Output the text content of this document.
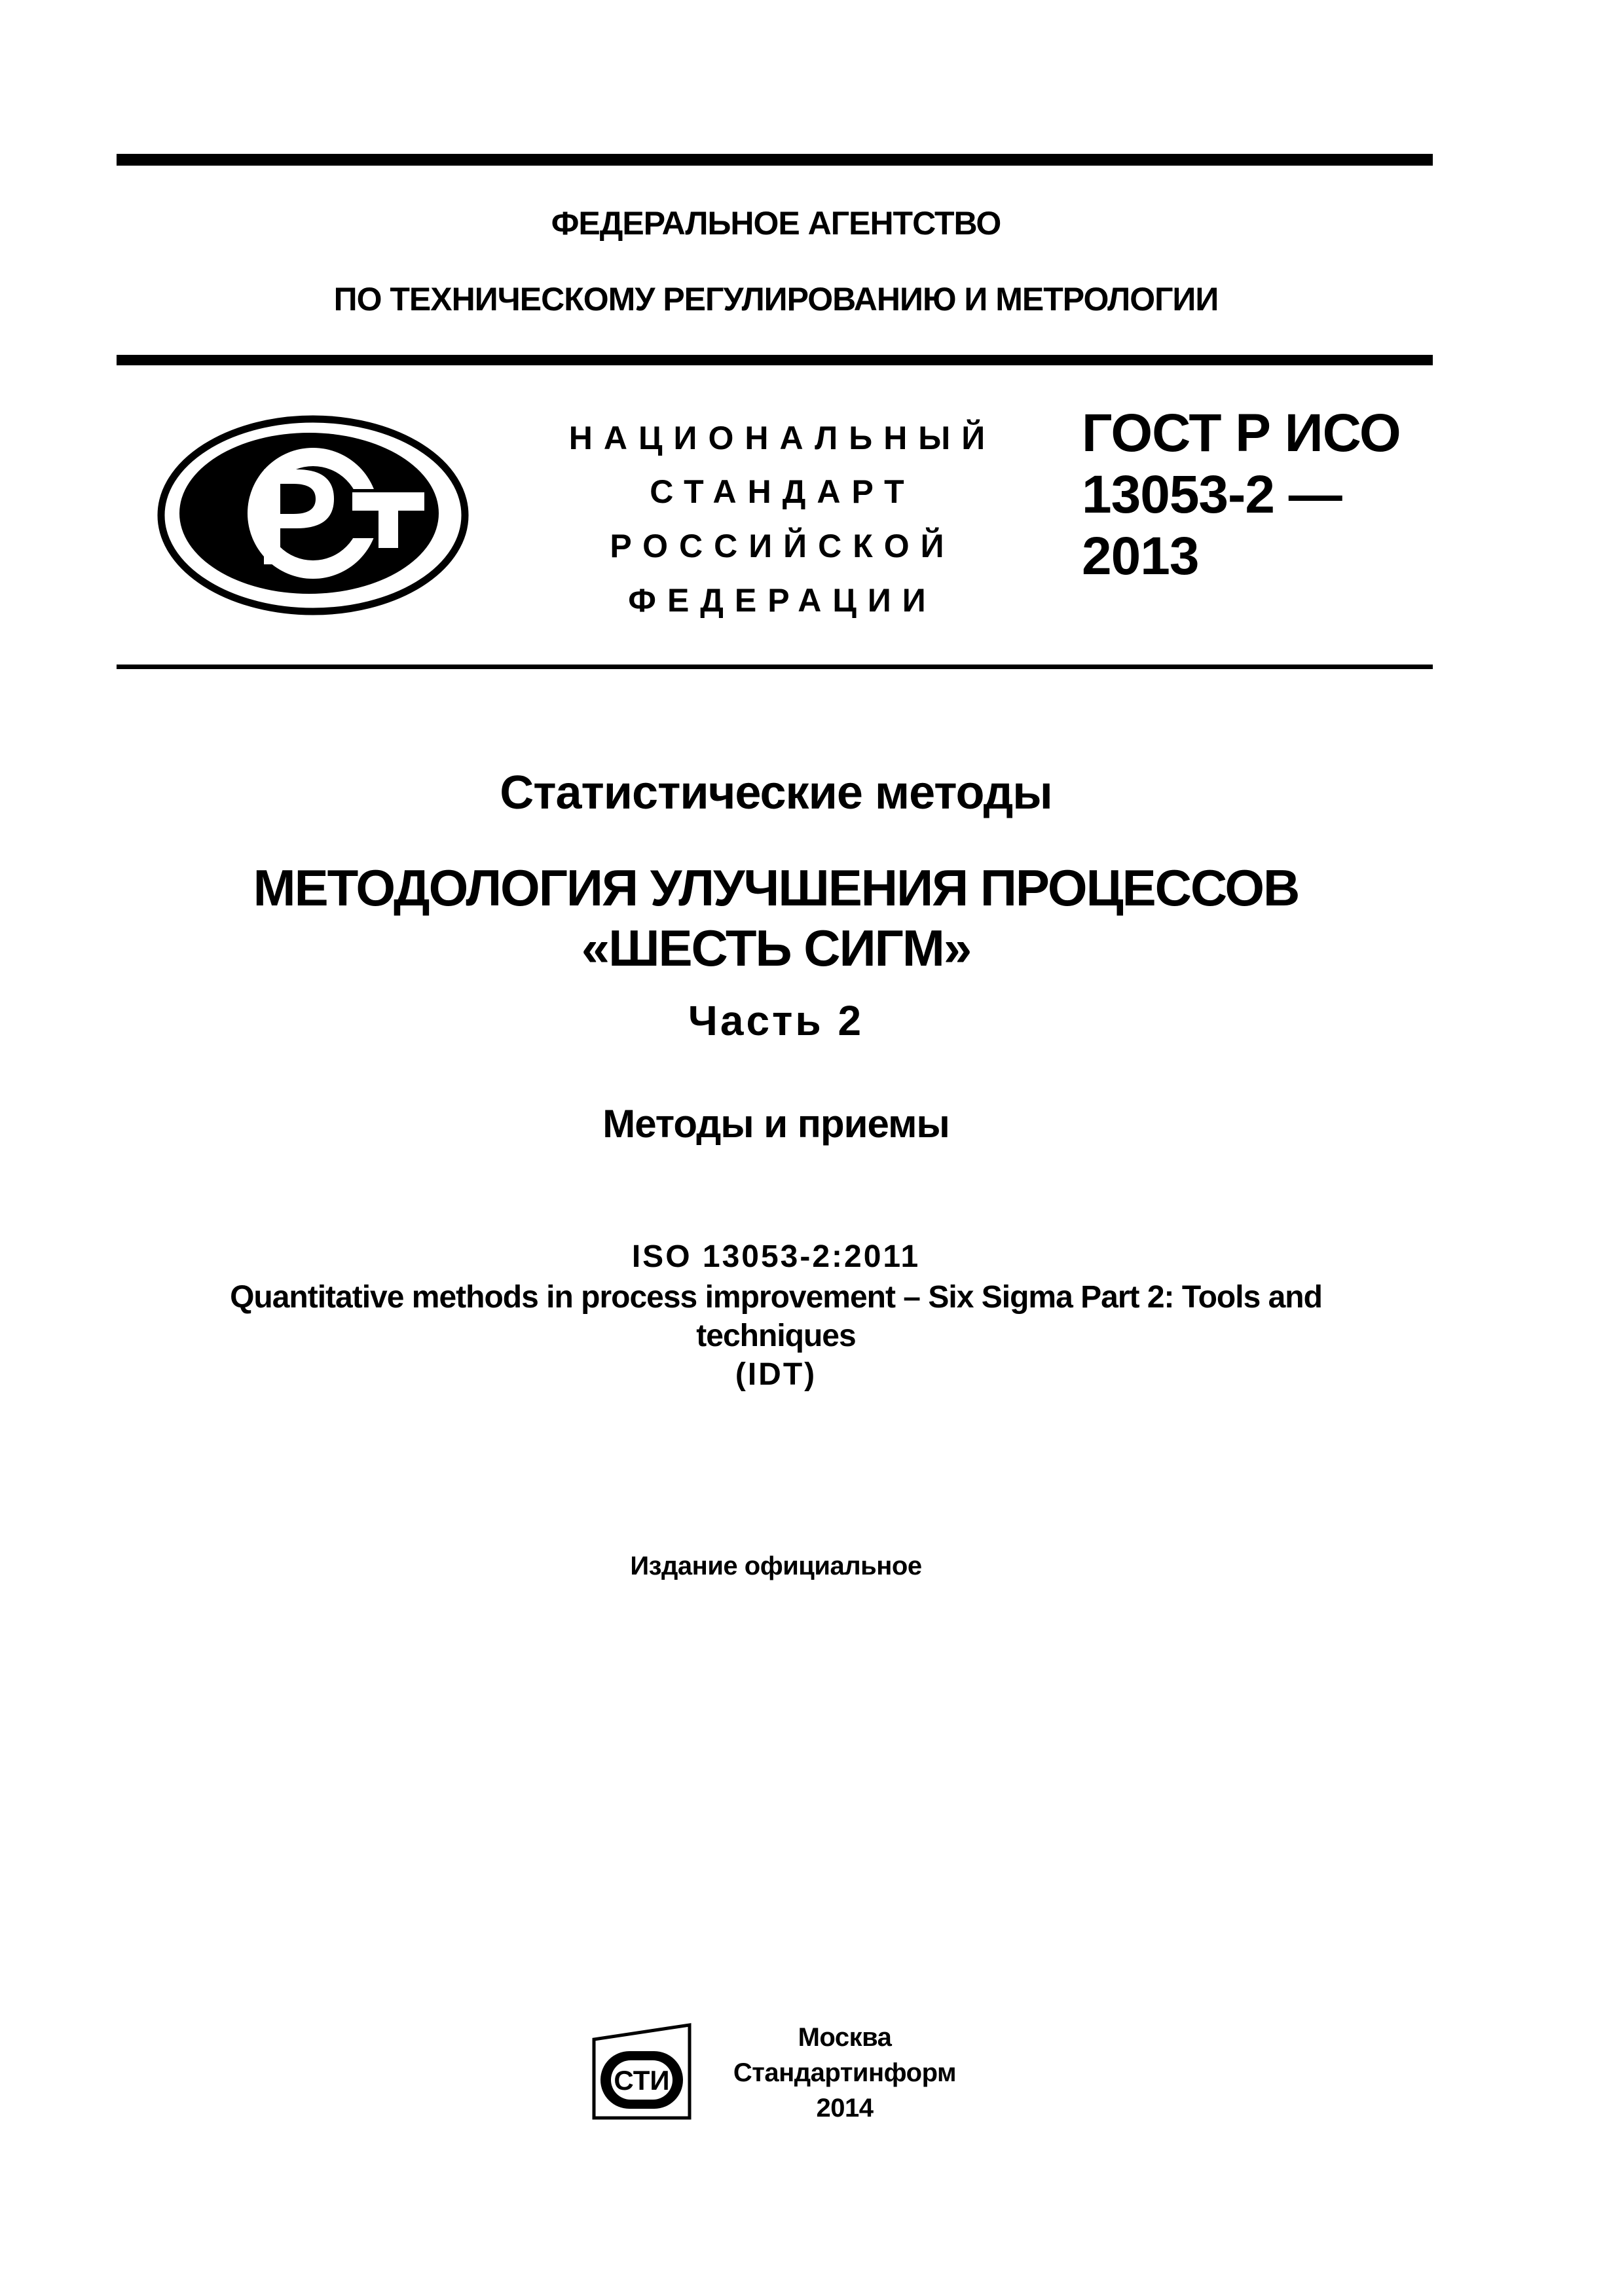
ФЕДЕРАЛЬНОЕ АГЕНТСТВО
ПО ТЕХНИЧЕСКОМУ РЕГУЛИРОВАНИЮ И МЕТРОЛОГИИ
НАЦИОНАЛЬНЫЙ
СТАНДАРТ
РОССИЙСКОЙ
ФЕДЕРАЦИИ
ГОСТ Р ИСО
13053-2 —
2013
Статистические методы
МЕТОДОЛОГИЯ УЛУЧШЕНИЯ ПРОЦЕССОВ
«ШЕСТЬ СИГМ»
Часть 2
Методы и приемы
ISO 13053-2:2011
Quantitative methods in process improvement – Six Sigma Part 2: Tools and
techniques
(IDT)
Издание официальное
СТИ
Москва
Стандартинформ
2014
